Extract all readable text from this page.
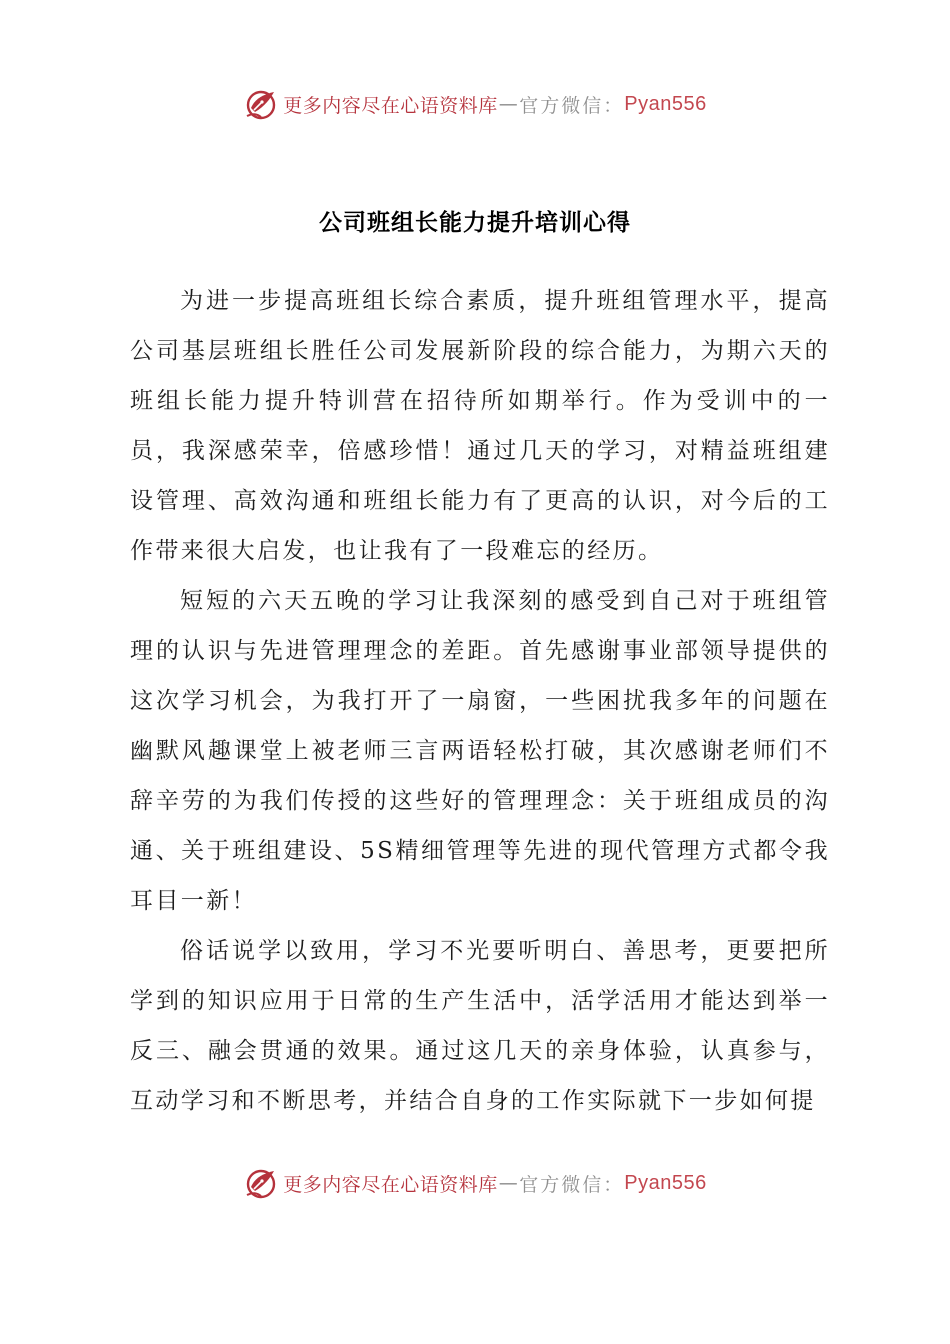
更多内容尽在心语资料库 — 官方微信： Pyan556
公司班组长能力提升培训心得

为进一步提高班组长综合素质，提升班组管理水平，提高公司基层班组长胜任公司发展新阶段的综合能力，为期六天的班组长能力提升特训营在招待所如期举行。作为受训中的一员，我深感荣幸，倍感珍惜！通过几天的学习，对精益班组建设管理、高效沟通和班组长能力有了更高的认识，对今后的工作带来很大启发，也让我有了一段难忘的经历。

短短的六天五晚的学习让我深刻的感受到自己对于班组管理的认识与先进管理理念的差距。首先感谢事业部领导提供的这次学习机会，为我打开了一扇窗，一些困扰我多年的问题在幽默风趣课堂上被老师三言两语轻松打破，其次感谢老师们不辞辛劳的为我们传授的这些好的管理理念：关于班组成员的沟通、关于班组建设、5S精细管理等先进的现代管理方式都令我耳目一新！

俗话说学以致用，学习不光要听明白、善思考，更要把所学到的知识应用于日常的生产生活中，活学活用才能达到举一反三、融会贯通的效果。通过这几天的亲身体验，认真参与，互动学习和不断思考，并结合自身的工作实际就下一步如何提

更多内容尽在心语资料库 — 官方微信： Pyan556
